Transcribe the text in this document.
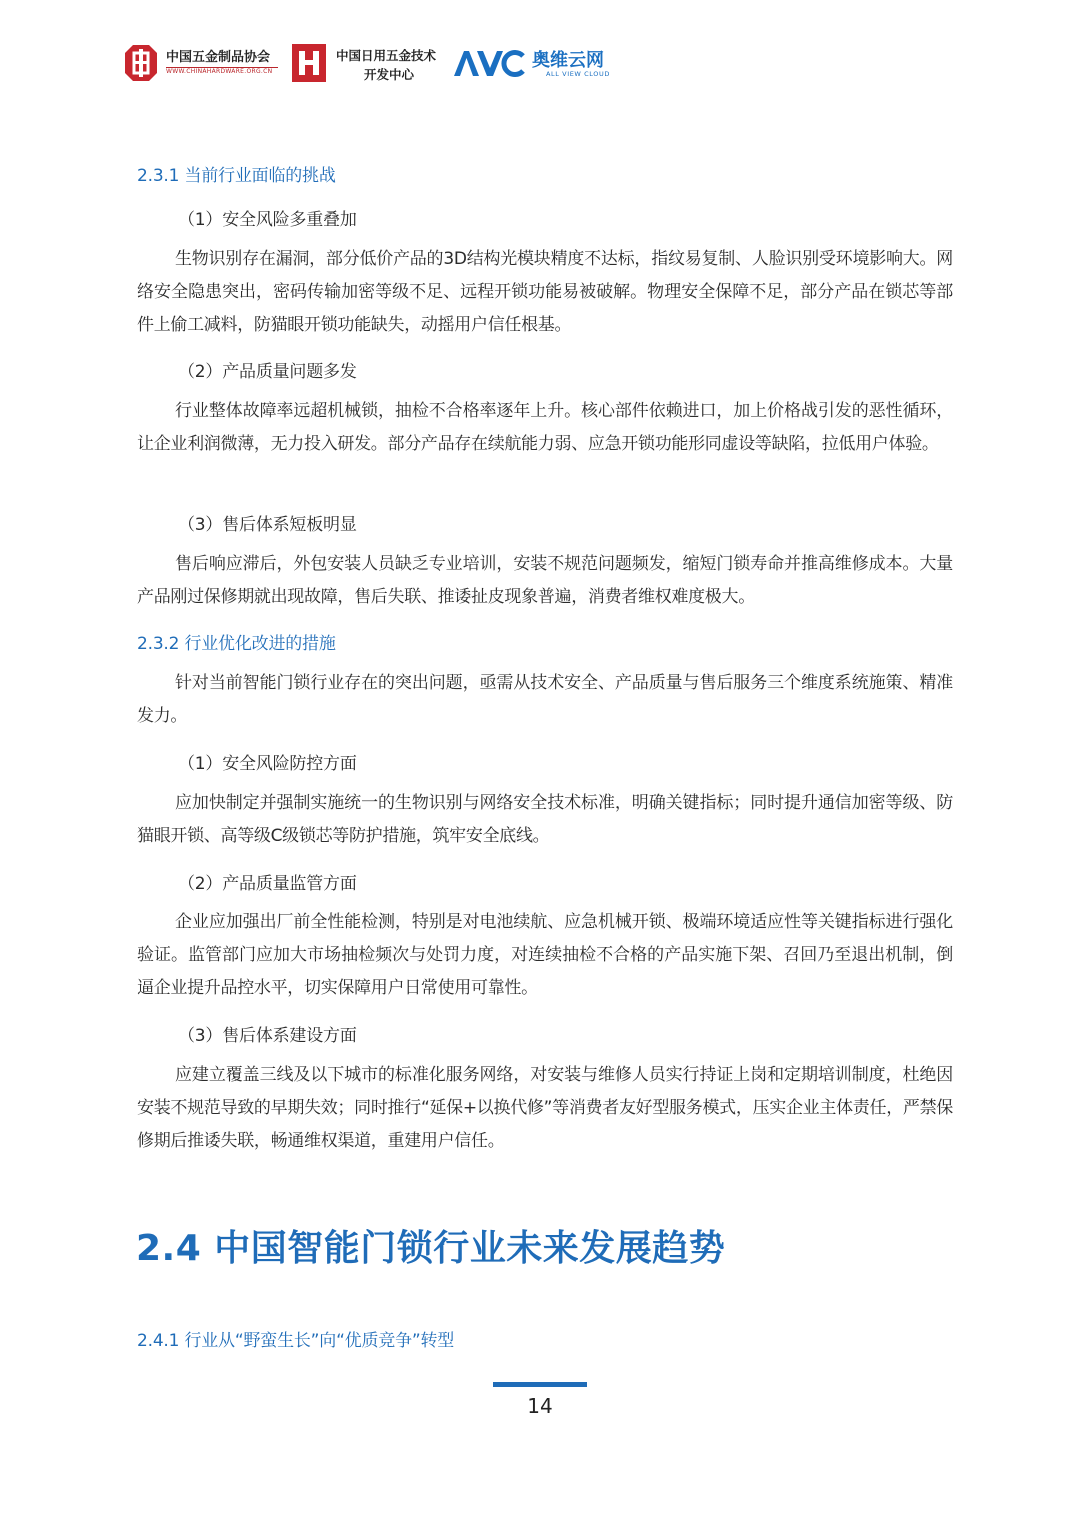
中国五金制品协会
WWW.CHINAHARDWARE.ORG.CN
中国日用五金技术
开发中心
奥维云网
ALL VIEW CLOUD
2.3.1 当前行业面临的挑战
（1）安全风险多重叠加

生物识别存在漏洞，部分低价产品的3D结构光模块精度不达标，指纹易复制、人脸识别受环境影响大。网络安全隐患突出，密码传输加密等级不足、远程开锁功能易被破解。物理安全保障不足，部分产品在锁芯等部件上偷工减料，防猫眼开锁功能缺失，动摇用户信任根基。

（2）产品质量问题多发

行业整体故障率远超机械锁，抽检不合格率逐年上升。核心部件依赖进口，加上价格战引发的恶性循环，让企业利润微薄，无力投入研发。部分产品存在续航能力弱、应急开锁功能形同虚设等缺陷，拉低用户体验。

（3）售后体系短板明显

售后响应滞后，外包安装人员缺乏专业培训，安装不规范问题频发，缩短门锁寿命并推高维修成本。大量产品刚过保修期就出现故障，售后失联、推诿扯皮现象普遍，消费者维权难度极大。

2.3.2 行业优化改进的措施

针对当前智能门锁行业存在的突出问题，亟需从技术安全、产品质量与售后服务三个维度系统施策、精准发力。

（1）安全风险防控方面

应加快制定并强制实施统一的生物识别与网络安全技术标准，明确关键指标；同时提升通信加密等级、防猫眼开锁、高等级C级锁芯等防护措施，筑牢安全底线。

（2）产品质量监管方面

企业应加强出厂前全性能检测，特别是对电池续航、应急机械开锁、极端环境适应性等关键指标进行强化验证。监管部门应加大市场抽检频次与处罚力度，对连续抽检不合格的产品实施下架、召回乃至退出机制，倒逼企业提升品控水平，切实保障用户日常使用可靠性。

（3）售后体系建设方面

应建立覆盖三线及以下城市的标准化服务网络，对安装与维修人员实行持证上岗和定期培训制度，杜绝因安装不规范导致的早期失效；同时推行“延保+以换代修”等消费者友好型服务模式，压实企业主体责任，严禁保修期后推诿失联，畅通维权渠道，重建用户信任。

2.4 中国智能门锁行业未来发展趋势
2.4.1 行业从“野蛮生长”向“优质竞争”转型
14
